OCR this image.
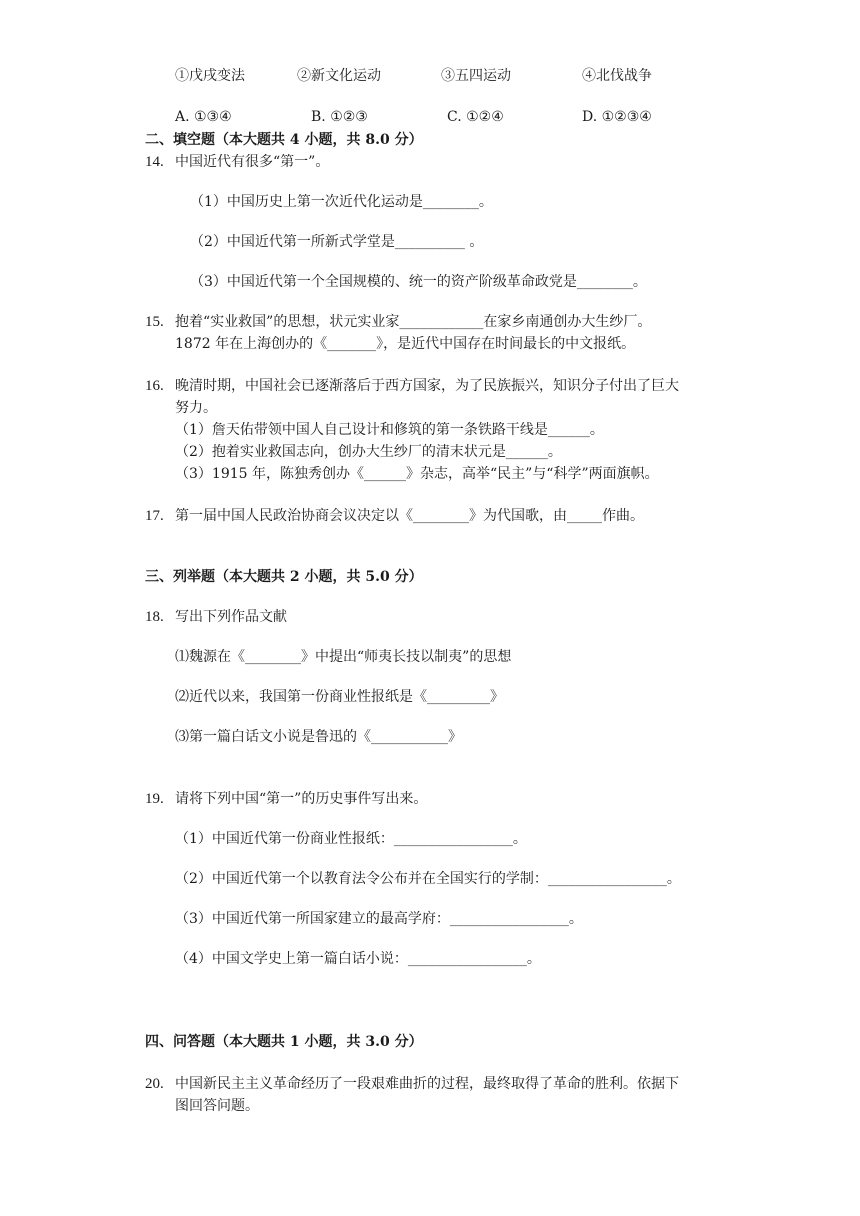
①戊戌变法	②新文化运动	③五四运动	④北伐战争
A. ①③④	B. ①②③	C. ①②④	D. ①②③④
二、填空题（本大题共 4 小题，共 8.0 分）
14. 中国近代有很多“第一”。
（1）中国历史上第一次近代化运动是________。
（2）中国近代第一所新式学堂是__________ 。
（3）中国近代第一个全国规模的、统一的资产阶级革命政党是________。
15. 抱着“实业救国”的思想，状元实业家____________在家乡南通创办大生纱厂。
1872 年在上海创办的《_______》，是近代中国存在时间最长的中文报纸。
16. 晚清时期，中国社会已逐渐落后于西方国家，为了民族振兴，知识分子付出了巨大
努力。
（1）詹天佑带领中国人自己设计和修筑的第一条铁路干线是______。
（2）抱着实业救国志向，创办大生纱厂的清末状元是______。
（3）1915 年，陈独秀创办《______》杂志，高举“民主”与“科学”两面旗帜。
17. 第一届中国人民政治协商会议决定以《________》为代国歌，由_____作曲。
三、列举题（本大题共 2 小题，共 5.0 分）
18. 写出下列作品文献
⑴魏源在《________》中提出“师夷长技以制夷”的思想
⑵近代以来，我国第一份商业性报纸是《_________》
⑶第一篇白话文小说是鲁迅的《___________》
19. 请将下列中国“第一”的历史事件写出来。
（1）中国近代第一份商业性报纸：_________________。
（2）中国近代第一个以教育法令公布并在全国实行的学制：_________________。
（3）中国近代第一所国家建立的最高学府：_________________。
（4）中国文学史上第一篇白话小说：_________________。
四、问答题（本大题共 1 小题，共 3.0 分）
20. 中国新民主主义革命经历了一段艰难曲折的过程，最终取得了革命的胜利。依据下
图回答问题。
